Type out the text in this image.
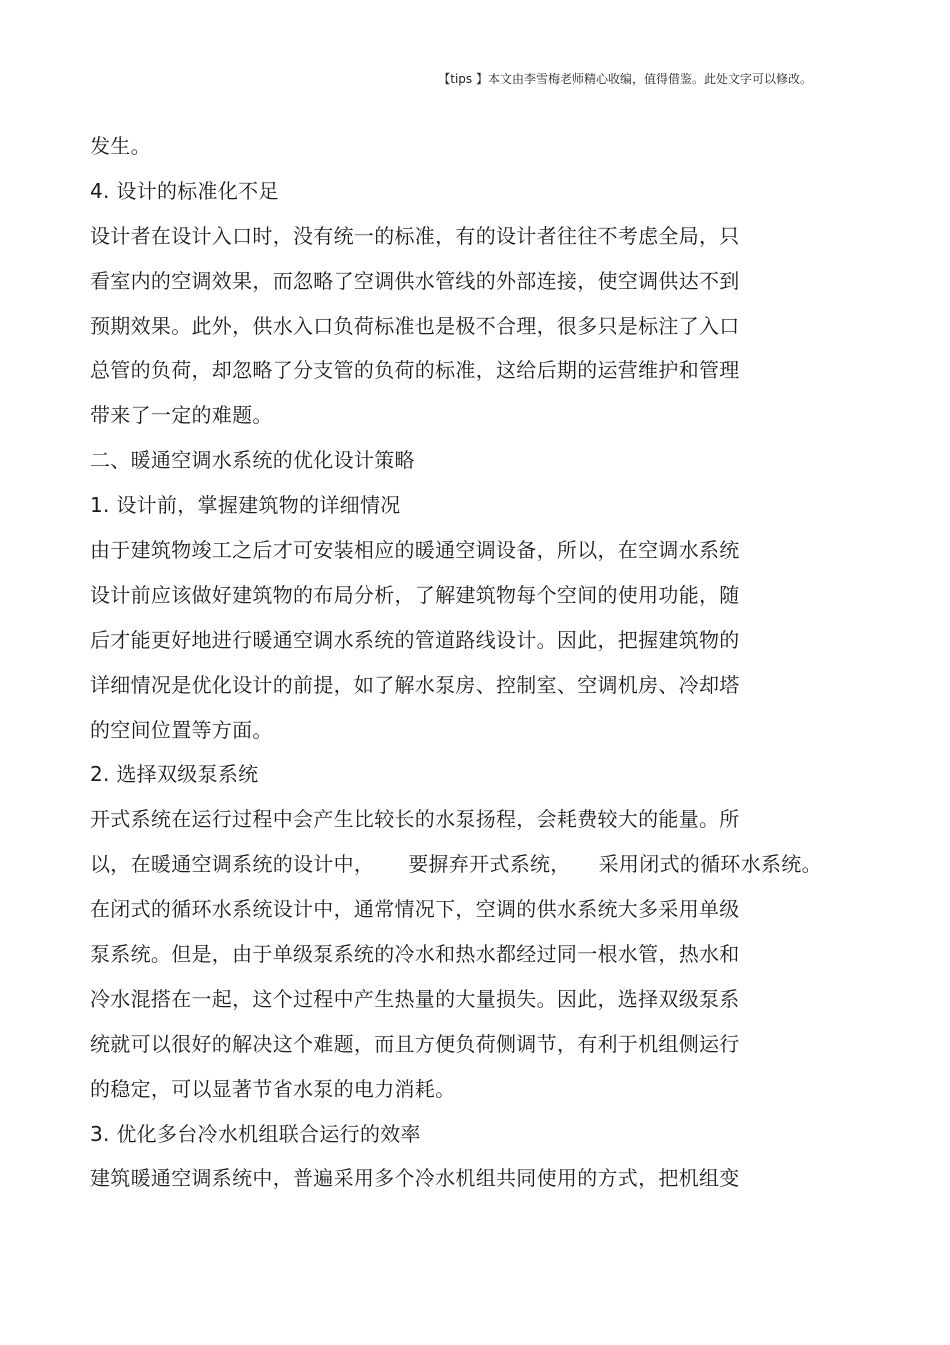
【tips 】本文由李雪梅老师精心收编，值得借鉴。此处文字可以修改。
发生。
4. 设计的标准化不足
设计者在设计入口时，没有统一的标准，有的设计者往往不考虑全局，只
看室内的空调效果，而忽略了空调供水管线的外部连接，使空调供达不到
预期效果。此外，供水入口负荷标准也是极不合理，很多只是标注了入口
总管的负荷，却忽略了分支管的负荷的标准，这给后期的运营维护和管理
带来了一定的难题。
二、暖通空调水系统的优化设计策略
1. 设计前，掌握建筑物的详细情况
由于建筑物竣工之后才可安装相应的暖通空调设备，所以，在空调水系统
设计前应该做好建筑物的布局分析，了解建筑物每个空间的使用功能，随
后才能更好地进行暖通空调水系统的管道路线设计。因此，把握建筑物的
详细情况是优化设计的前提，如了解水泵房、控制室、空调机房、冷却塔
的空间位置等方面。
2. 选择双级泵系统
开式系统在运行过程中会产生比较长的水泵扬程，会耗费较大的能量。所
以，在暖通空调系统的设计中， 要摒弃开式系统， 采用闭式的循环水系统。
在闭式的循环水系统设计中，通常情况下，空调的供水系统大多采用单级
泵系统。但是，由于单级泵系统的冷水和热水都经过同一根水管，热水和
冷水混搭在一起，这个过程中产生热量的大量损失。因此，选择双级泵系
统就可以很好的解决这个难题，而且方便负荷侧调节，有利于机组侧运行
的稳定，可以显著节省水泵的电力消耗。
3. 优化多台冷水机组联合运行的效率
建筑暖通空调系统中，普遍采用多个冷水机组共同使用的方式，把机组变
